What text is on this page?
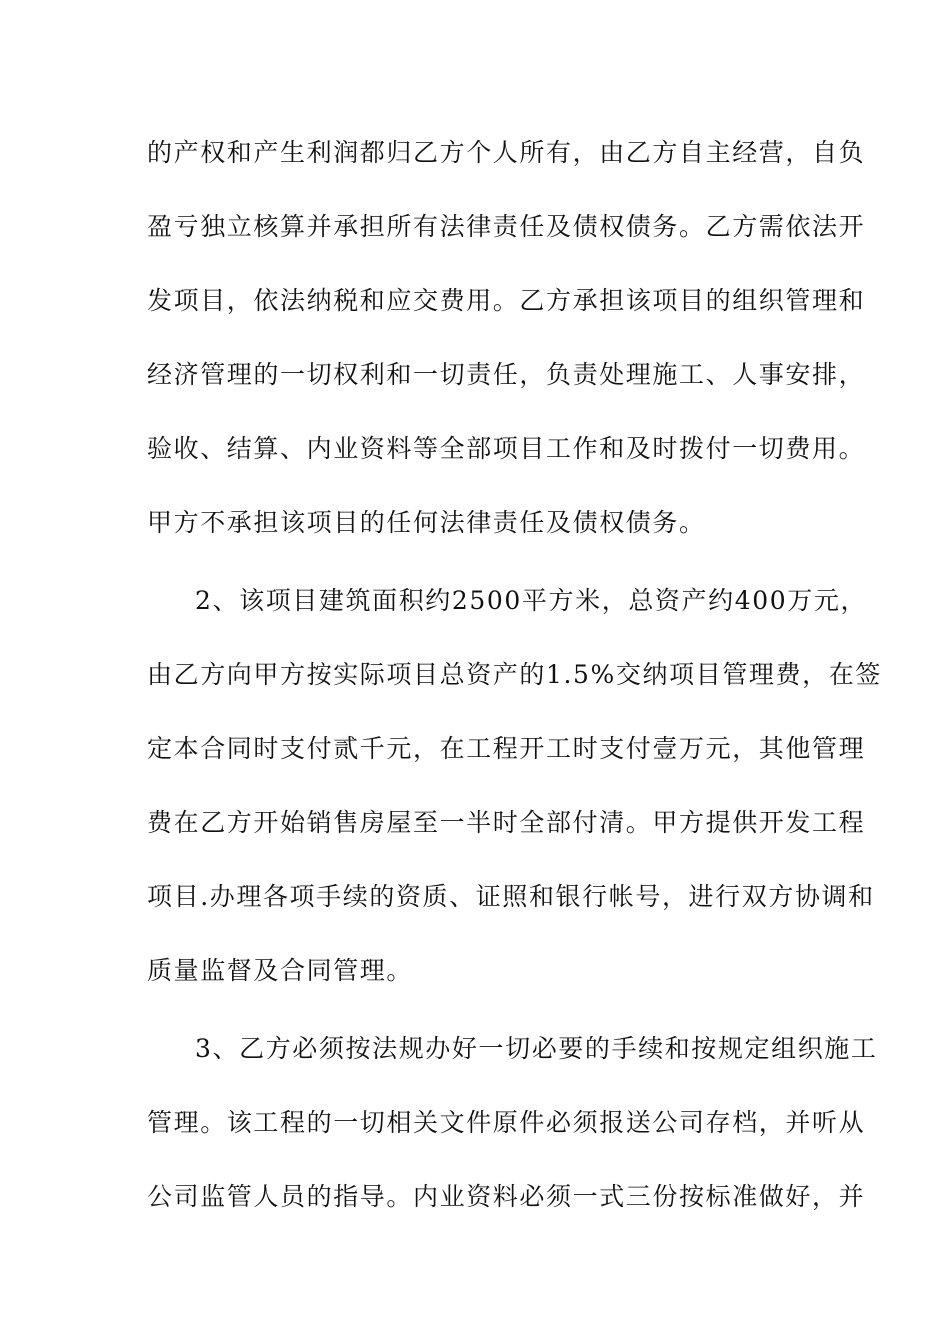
的产权和产生利润都归乙方个人所有，由乙方自主经营，自负
盈亏独立核算并承担所有法律责任及债权债务。乙方需依法开
发项目，依法纳税和应交费用。乙方承担该项目的组织管理和
经济管理的一切权利和一切责任，负责处理施工、人事安排，
验收、结算、内业资料等全部项目工作和及时拨付一切费用。
甲方不承担该项目的任何法律责任及债权债务。
2、该项目建筑面积约2500平方米，总资产约400万元，
由乙方向甲方按实际项目总资产的1.5%交纳项目管理费，在签
定本合同时支付贰千元，在工程开工时支付壹万元，其他管理
费在乙方开始销售房屋至一半时全部付清。甲方提供开发工程
项目.办理各项手续的资质、证照和银行帐号，进行双方协调和
质量监督及合同管理。
3、乙方必须按法规办好一切必要的手续和按规定组织施工
管理。该工程的一切相关文件原件必须报送公司存档，并听从
公司监管人员的指导。内业资料必须一式三份按标准做好，并
